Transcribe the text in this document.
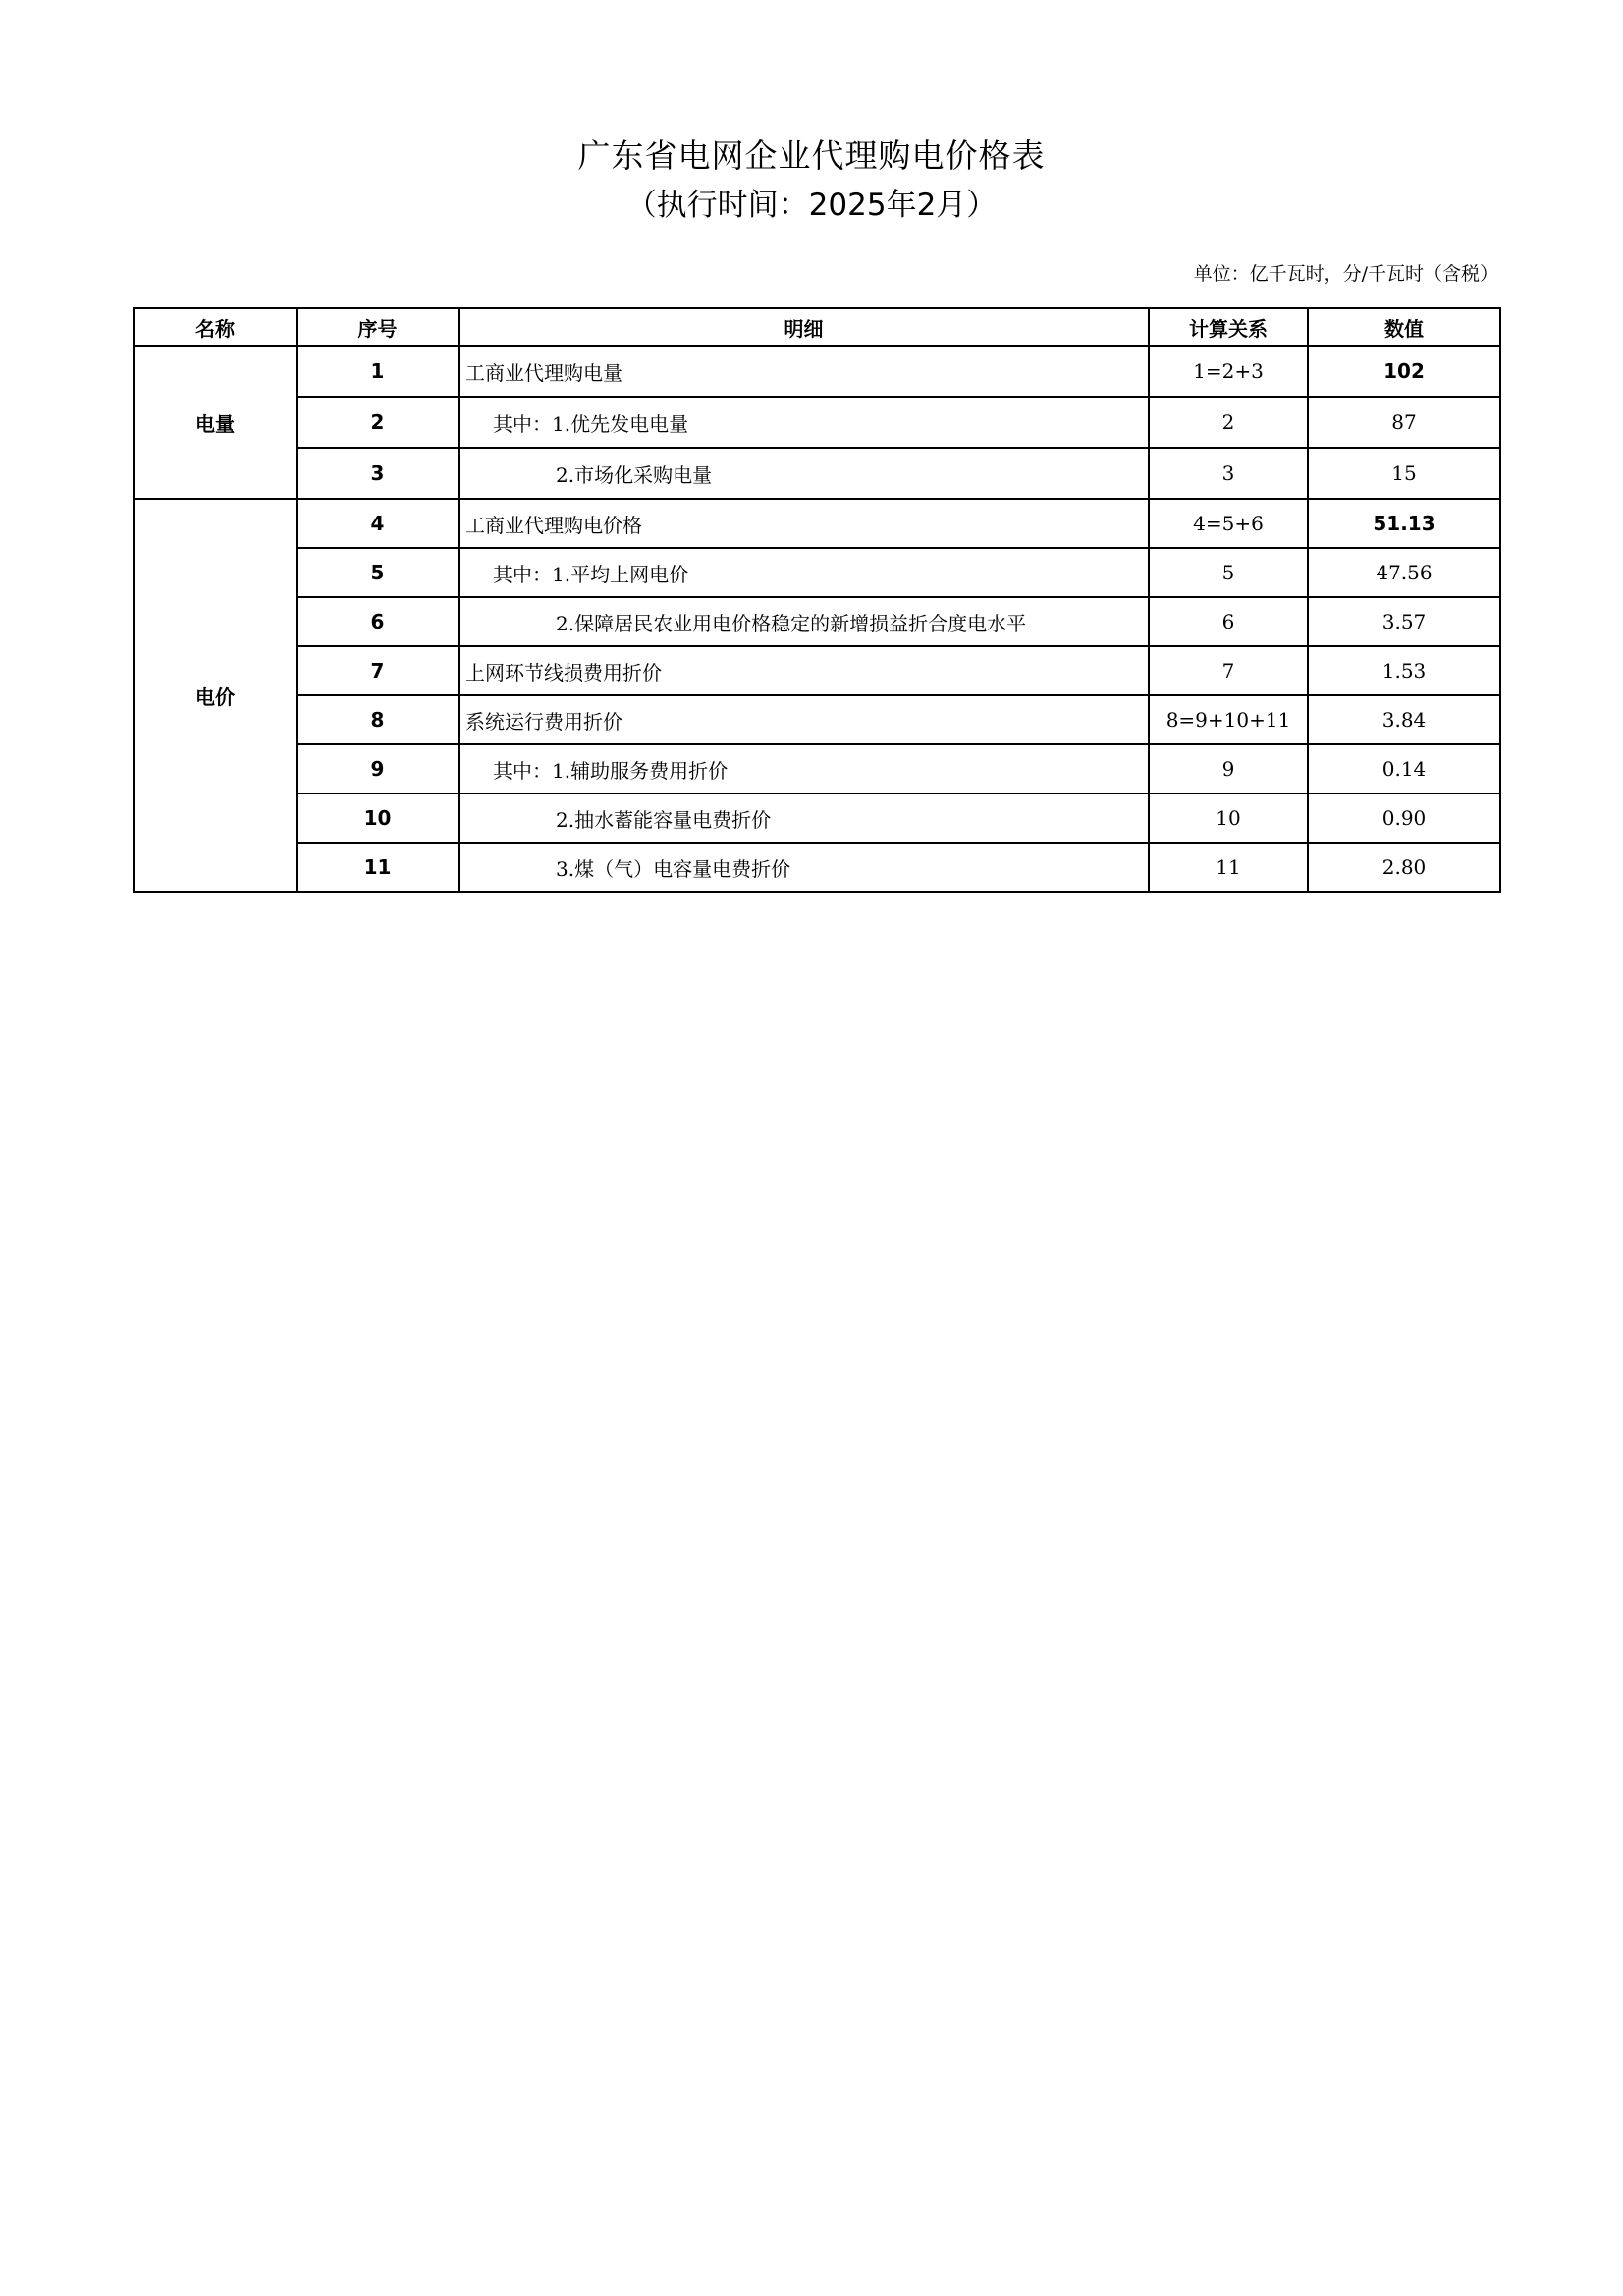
广东省电网企业代理购电价格表
（执行时间：2025年2月）
单位：亿千瓦时，分/千瓦时（含税）
名称	序号	明细	计算关系	数值
电量	1	工商业代理购电量	1=2+3	102
	2	其中：1.优先发电电量	2	87
	3	2.市场化采购电量	3	15
电价	4	工商业代理购电价格	4=5+6	51.13
	5	其中：1.平均上网电价	5	47.56
	6	2.保障居民农业用电价格稳定的新增损益折合度电水平	6	3.57
	7	上网环节线损费用折价	7	1.53
	8	系统运行费用折价	8=9+10+11	3.84
	9	其中：1.辅助服务费用折价	9	0.14
	10	2.抽水蓄能容量电费折价	10	0.90
	11	3.煤（气）电容量电费折价	11	2.80
